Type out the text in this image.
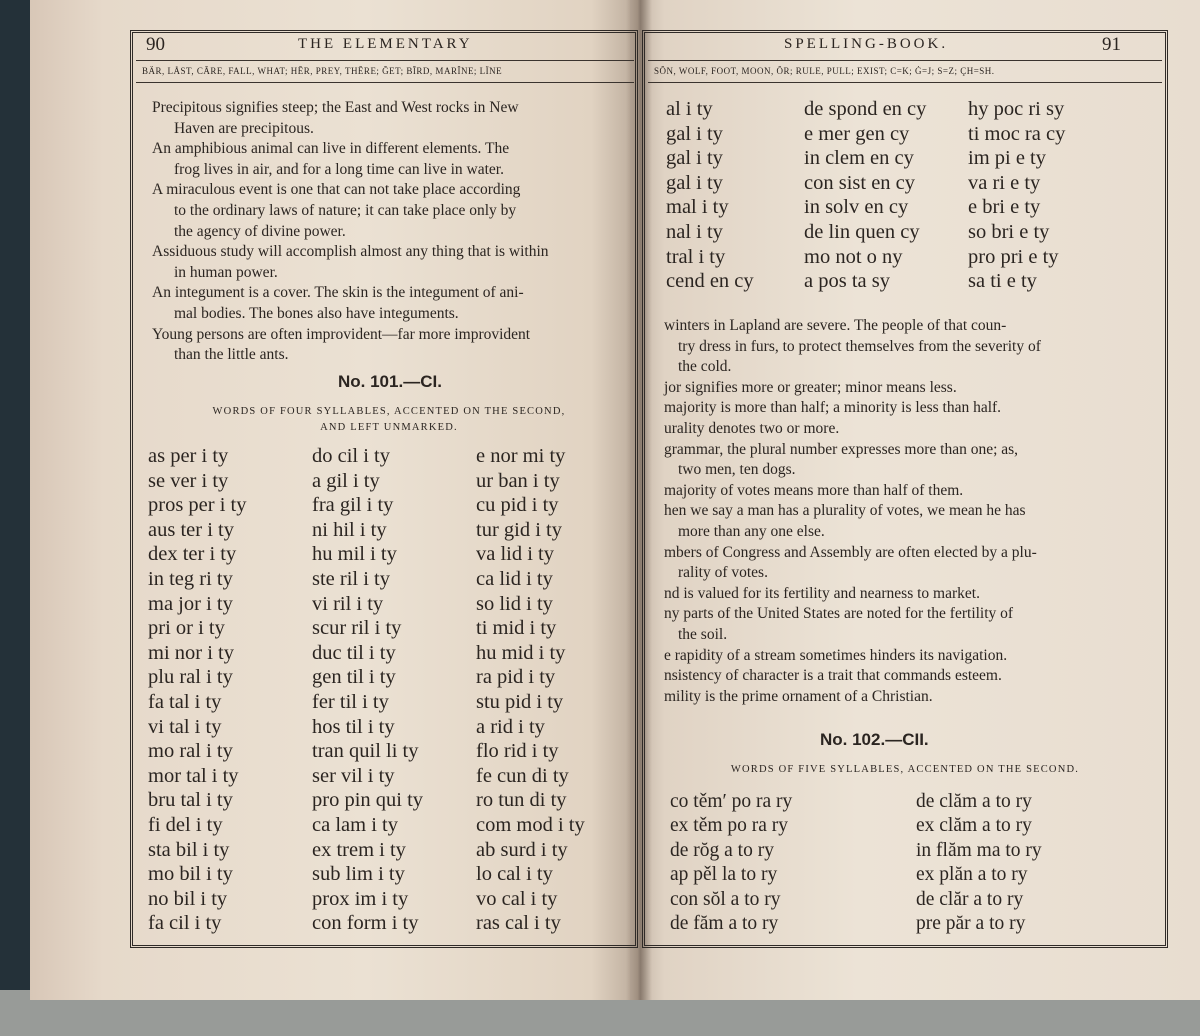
90	THE ELEMENTARY
BÄR, LÅST, CÂRE, FALL, WHAT; HÊR, PREY, THÊRE; ĞET; BÎRD, MARÎNE; LÏNE

Precipitous signifies steep; the East and West rocks in New

Haven are precipitous.

An amphibious animal can live in different elements. The

frog lives in air, and for a long time can live in water.

A miraculous event is one that can not take place according

to the ordinary laws of nature; it can take place only by

the agency of divine power.

Assiduous study will accomplish almost any thing that is within

in human power.

An integument is a cover. The skin is the integument of ani-

mal bodies. The bones also have integuments.

Young persons are often improvident—far more improvident

than the little ants.

No. 101.—CI.
WORDS OF FOUR SYLLABLES, ACCENTED ON THE SECOND,
AND LEFT UNMARKED.
as per i ty
se ver i ty
pros per i ty
aus ter i ty
dex ter i ty
in teg ri ty
ma jor i ty
pri or i ty
mi nor i ty
plu ral i ty
fa tal i ty
vi tal i ty
mo ral i ty
mor tal i ty
bru tal i ty
fi del i ty
sta bil i ty
mo bil i ty
no bil i ty
fa cil i ty
do cil i ty
a gil i ty
fra gil i ty
ni hil i ty
hu mil i ty
ste ril i ty
vi ril i ty
scur ril i ty
duc til i ty
gen til i ty
fer til i ty
hos til i ty
tran quil li ty
ser vil i ty
pro pin qui ty
ca lam i ty
ex trem i ty
sub lim i ty
prox im i ty
con form i ty
e nor mi ty
ur ban i ty
cu pid i ty
tur gid i ty
va lid i ty
ca lid i ty
so lid i ty
ti mid i ty
hu mid i ty
ra pid i ty
stu pid i ty
a rid i ty
flo rid i ty
fe cun di ty
ro tun di ty
com mod i ty
ab surd i ty
lo cal i ty
vo cal i ty
ras cal i ty
SPELLING-BOOK.	91
SÔN, WOLF, FOOT, MOON, ÔR; RULE, PULL; EXIST; C=K; Ġ=J; S=Z; ÇH=SH.
al i ty
gal i ty
gal i ty
gal i ty
mal i ty
nal i ty
tral i ty
cend en cy
de spond en cy
e mer gen cy
in clem en cy
con sist en cy
in solv en cy
de lin quen cy
mo not o ny
a pos ta sy
hy poc ri sy
ti moc ra cy
im pi e ty
va ri e ty
e bri e ty
so bri e ty
pro pri e ty
sa ti e ty
winters in Lapland are severe. The people of that coun-
try dress in furs, to protect themselves from the severity of
the cold.
jor signifies more or greater; minor means less.
majority is more than half; a minority is less than half.
urality denotes two or more.
grammar, the plural number expresses more than one; as,
two men, ten dogs.
majority of votes means more than half of them.
hen we say a man has a plurality of votes, we mean he has
more than any one else.
mbers of Congress and Assembly are often elected by a plu-
rality of votes.
nd is valued for its fertility and nearness to market.
ny parts of the United States are noted for the fertility of
the soil.
e rapidity of a stream sometimes hinders its navigation.
nsistency of character is a trait that commands esteem.
mility is the prime ornament of a Christian.
No. 102.—CII.
WORDS OF FIVE SYLLABLES, ACCENTED ON THE SECOND.
co těm′ po ra ry
ex těm po ra ry
de rŏg a to ry
ap pěl la to ry
con sŏl a to ry
de făm a to ry
de clăm a to ry
ex clăm a to ry
in flăm ma to ry
ex plăn a to ry
de clăr a to ry
pre păr a to ry
